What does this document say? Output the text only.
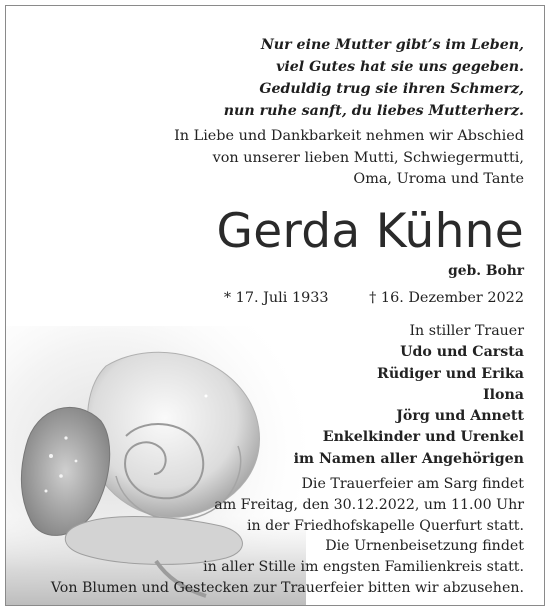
Nur eine Mutter gibt’s im Leben,
viel Gutes hat sie uns gegeben.
Geduldig trug sie ihren Schmerz,
nun ruhe sanft, du liebes Mutterherz.
In Liebe und Dankbarkeit nehmen wir Abschied
von unserer lieben Mutti, Schwiegermutti,
Oma, Uroma und Tante
Gerda Kühne
geb. Bohr
* 17. Juli 1933	† 16. Dezember 2022
In stiller Trauer
Udo und Carsta
Rüdiger und Erika
Ilona
Jörg und Annett
Enkelkinder und Urenkel
im Namen aller Angehörigen
Die Trauerfeier am Sarg findet
am Freitag, den 30.12.2022, um 11.00 Uhr
in der Friedhofskapelle Querfurt statt.
Die Urnenbeisetzung findet
in aller Stille im engsten Familienkreis statt.
Von Blumen und Gestecken zur Trauerfeier bitten wir abzusehen.
